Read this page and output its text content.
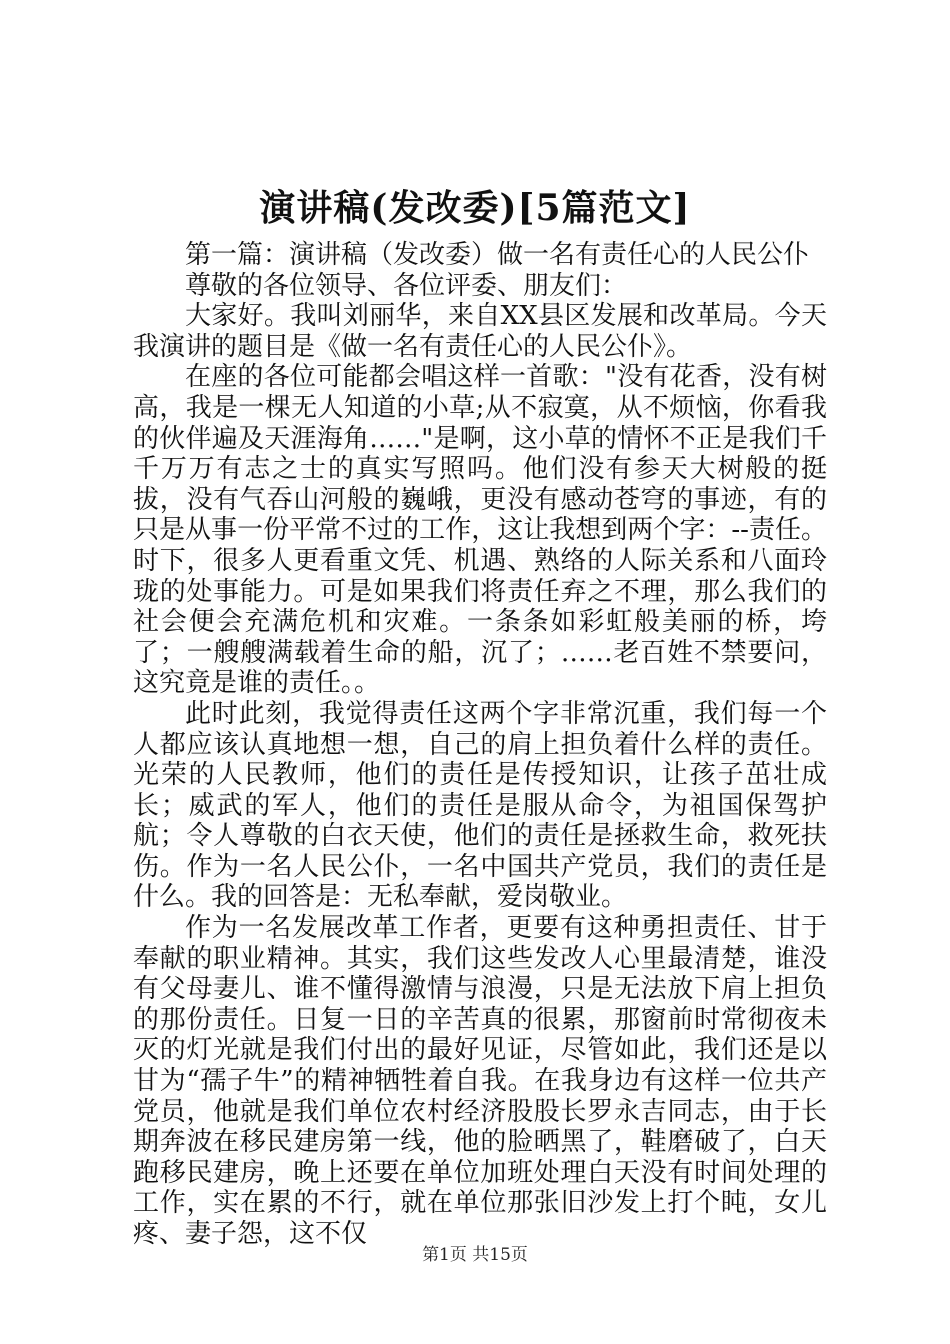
演讲稿(发改委)[5篇范文]

第一篇：演讲稿（发改委）做一名有责任心的人民公仆

尊敬的各位领导、各位评委、朋友们：

大家好。我叫刘丽华，来自XX县区发展和改革局。今天我演讲的题目是《做一名有责任心的人民公仆》。

在座的各位可能都会唱这样一首歌："没有花香，没有树高，我是一棵无人知道的小草;从不寂寞，从不烦恼，你看我的伙伴遍及天涯海角……"是啊，这小草的情怀不正是我们千千万万有志之士的真实写照吗。他们没有参天大树般的挺拔，没有气吞山河般的巍峨，更没有感动苍穹的事迹，有的只是从事一份平常不过的工作，这让我想到两个字：--责任。时下，很多人更看重文凭、机遇、熟络的人际关系和八面玲珑的处事能力。可是如果我们将责任弃之不理，那么我们的社会便会充满危机和灾难。一条条如彩虹般美丽的桥，垮了；一艘艘满载着生命的船，沉了；……老百姓不禁要问，这究竟是谁的责任。。

此时此刻，我觉得责任这两个字非常沉重，我们每一个人都应该认真地想一想，自己的肩上担负着什么样的责任。光荣的人民教师，他们的责任是传授知识，让孩子茁壮成长；威武的军人，他们的责任是服从命令，为祖国保驾护航；令人尊敬的白衣天使，他们的责任是拯救生命，救死扶伤。作为一名人民公仆，一名中国共产党员，我们的责任是什么。我的回答是：无私奉献，爱岗敬业。

作为一名发展改革工作者，更要有这种勇担责任、甘于奉献的职业精神。其实，我们这些发改人心里最清楚，谁没有父母妻儿、谁不懂得激情与浪漫，只是无法放下肩上担负的那份责任。日复一日的辛苦真的很累，那窗前时常彻夜未灭的灯光就是我们付出的最好见证，尽管如此，我们还是以甘为“孺子牛”的精神牺牲着自我。在我身边有这样一位共产党员，他就是我们单位农村经济股股长罗永吉同志，由于长期奔波在移民建房第一线，他的脸晒黑了，鞋磨破了，白天跑移民建房，晚上还要在单位加班处理白天没有时间处理的工作，实在累的不行，就在单位那张旧沙发上打个盹，女儿疼、妻子怨，这不仅

第1页 共15页
